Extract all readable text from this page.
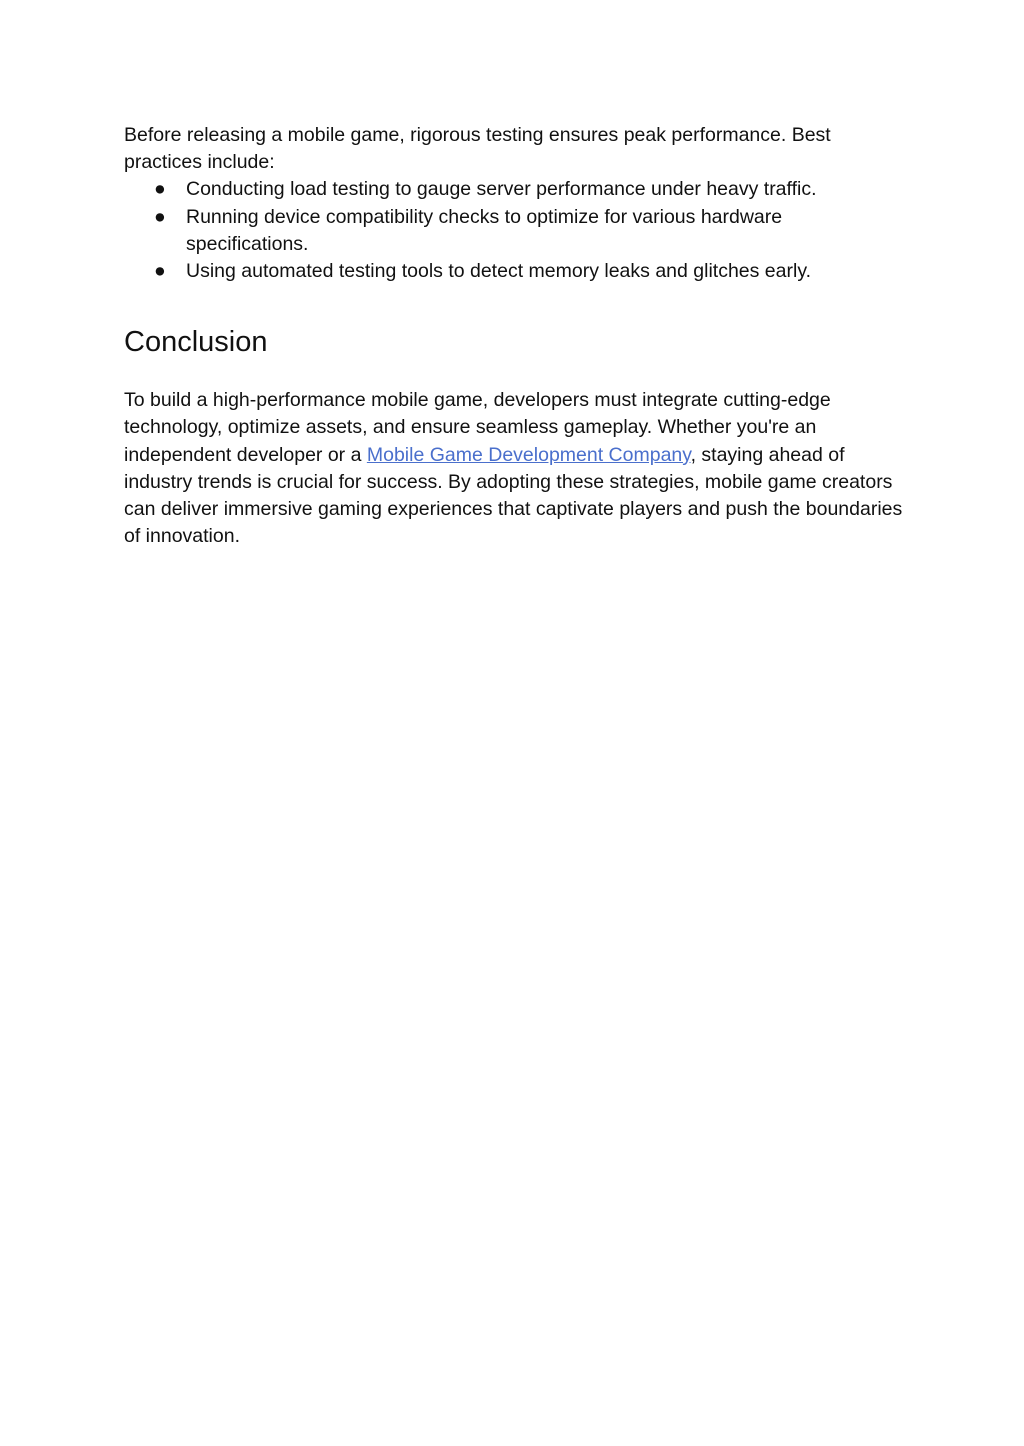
Before releasing a mobile game, rigorous testing ensures peak performance. Best practices include:

● Conducting load testing to gauge server performance under heavy traffic.
● Running device compatibility checks to optimize for various hardware specifications.
● Using automated testing tools to detect memory leaks and glitches early.
Conclusion

To build a high-performance mobile game, developers must integrate cutting-edge technology, optimize assets, and ensure seamless gameplay. Whether you're an independent developer or a Mobile Game Development Company, staying ahead of industry trends is crucial for success. By adopting these strategies, mobile game creators can deliver immersive gaming experiences that captivate players and push the boundaries of innovation.
